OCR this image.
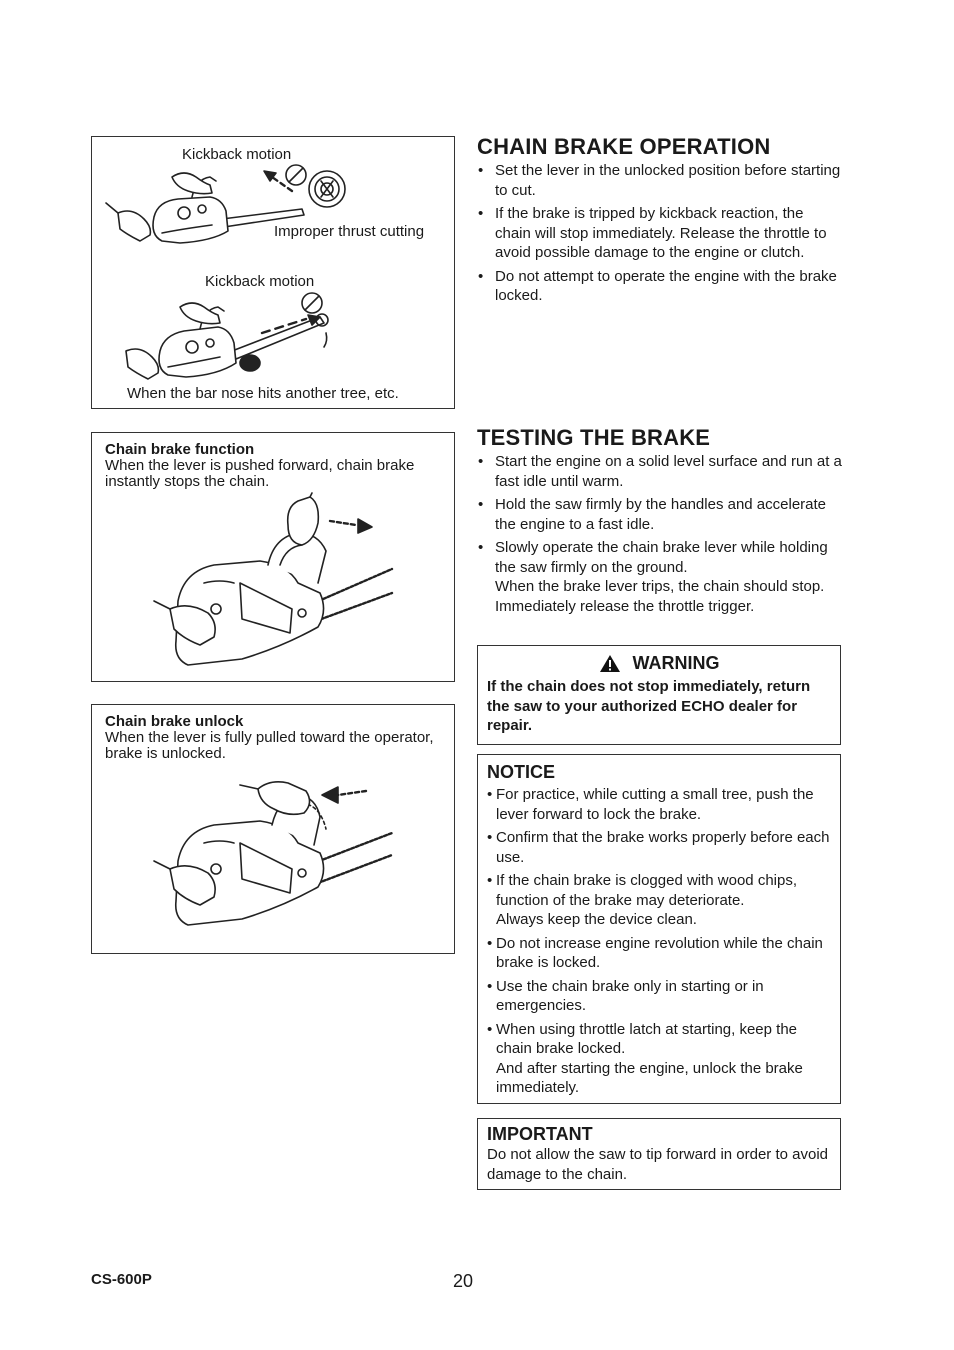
Kickback motion
Improper thrust cutting
Kickback motion
When the bar nose hits another tree, etc.
Chain brake function
When the lever is pushed forward, chain brake instantly stops the chain.
Chain brake unlock
When the lever is fully pulled toward the operator, brake is unlocked.
CHAIN BRAKE OPERATION
• Set the lever in the unlocked position before starting to cut.
• If the brake is tripped by kickback reaction, the chain will stop immediately. Release the throttle to avoid possible damage to the engine or clutch.
• Do not attempt to operate the engine with the brake locked.
TESTING THE BRAKE
• Start the engine on a solid level surface and run at a fast idle until warm.
• Hold the saw firmly by the handles and accelerate the engine to a fast idle.
• Slowly operate the chain brake lever while holding the saw firmly on the ground.
When the brake lever trips, the chain should stop.
Immediately release the throttle trigger.
WARNING
If the chain does not stop immediately, return the saw to your authorized ECHO dealer for repair.
NOTICE
• For practice, while cutting a small tree, push the lever forward to lock the brake.
• Confirm that the brake works properly before each use.
• If the chain brake is clogged with wood chips, function of the brake may deteriorate.
Always keep the device clean.
• Do not increase engine revolution while the chain brake is locked.
• Use the chain brake only in starting or in emergencies.
• When using throttle latch at starting, keep the chain brake locked.
And after starting the engine, unlock the brake immediately.
IMPORTANT
Do not allow the saw to tip forward in order to avoid damage to the chain.
CS-600P	20
